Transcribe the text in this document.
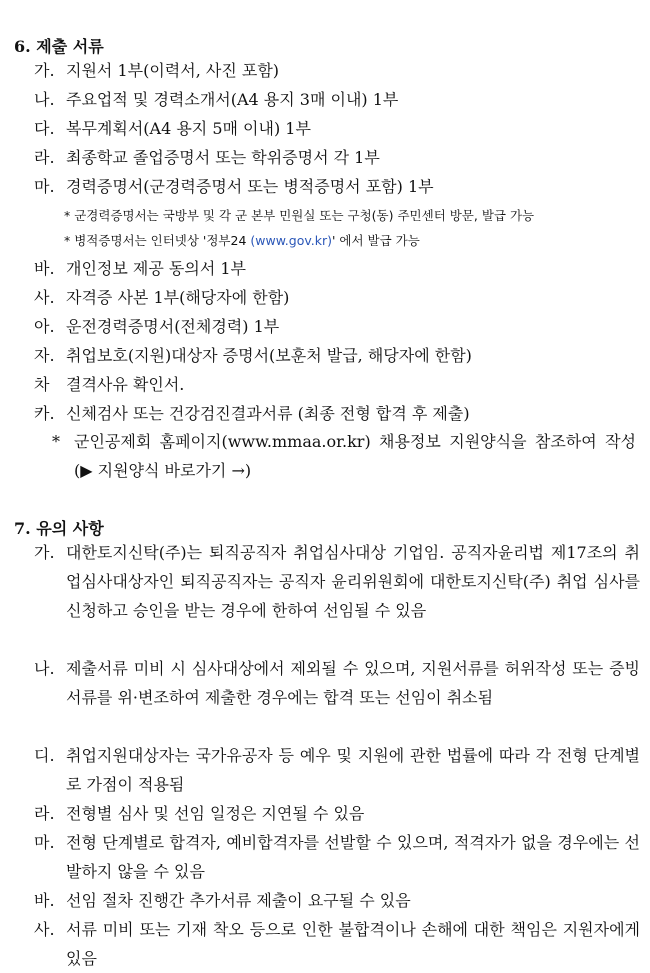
6. 제출 서류
가. 지원서 1부(이력서, 사진 포함)
나. 주요업적 및 경력소개서(A4 용지 3매 이내) 1부
다. 복무계획서(A4 용지 5매 이내) 1부
라. 최종학교 졸업증명서 또는 학위증명서 각 1부
마. 경력증명서(군경력증명서 또는 병적증명서 포함) 1부
* 군경력증명서는 국방부 및 각 군 본부 민원실 또는 구청(동) 주민센터 방문, 발급 가능
* 병적증명서는 인터넷상 '정부24 (www.gov.kr)' 에서 발급 가능
바. 개인정보 제공 동의서 1부
사. 자격증 사본 1부(해당자에 한함)
아. 운전경력증명서(전체경력) 1부
자. 취업보호(지원)대상자 증명서(보훈처 발급, 해당자에 한함)
차 결격사유 확인서.
카. 신체검사 또는 건강검진결과서류 (최종 전형 합격 후 제출)
* 군인공제회 홈페이지(www.mmaa.or.kr) 채용정보 지원양식을 참조하여 작성 (▶ 지원양식 바로가기 →)
7. 유의 사항
가. 대한토지신탁(주)는 퇴직공직자 취업심사대상 기업임. 공직자윤리법 제17조의 취업심사대상자인 퇴직공직자는 공직자 윤리위원회에 대한토지신탁(주) 취업 심사를 신청하고 승인을 받는 경우에 한하여 선임될 수 있음
나. 제출서류 미비 시 심사대상에서 제외될 수 있으며, 지원서류를 허위작성 또는 증빙서류를 위·변조하여 제출한 경우에는 합격 또는 선임이 취소됨
디. 취업지원대상자는 국가유공자 등 예우 및 지원에 관한 법률에 따라 각 전형 단계별로 가점이 적용됨
라. 전형별 심사 및 선임 일정은 지연될 수 있음
마. 전형 단계별로 합격자, 예비합격자를 선발할 수 있으며, 적격자가 없을 경우에는 선발하지 않을 수 있음
바. 선임 절차 진행간 추가서류 제출이 요구될 수 있음
사. 서류 미비 또는 기재 착오 등으로 인한 불합격이나 손해에 대한 책임은 지원자에게 있음
